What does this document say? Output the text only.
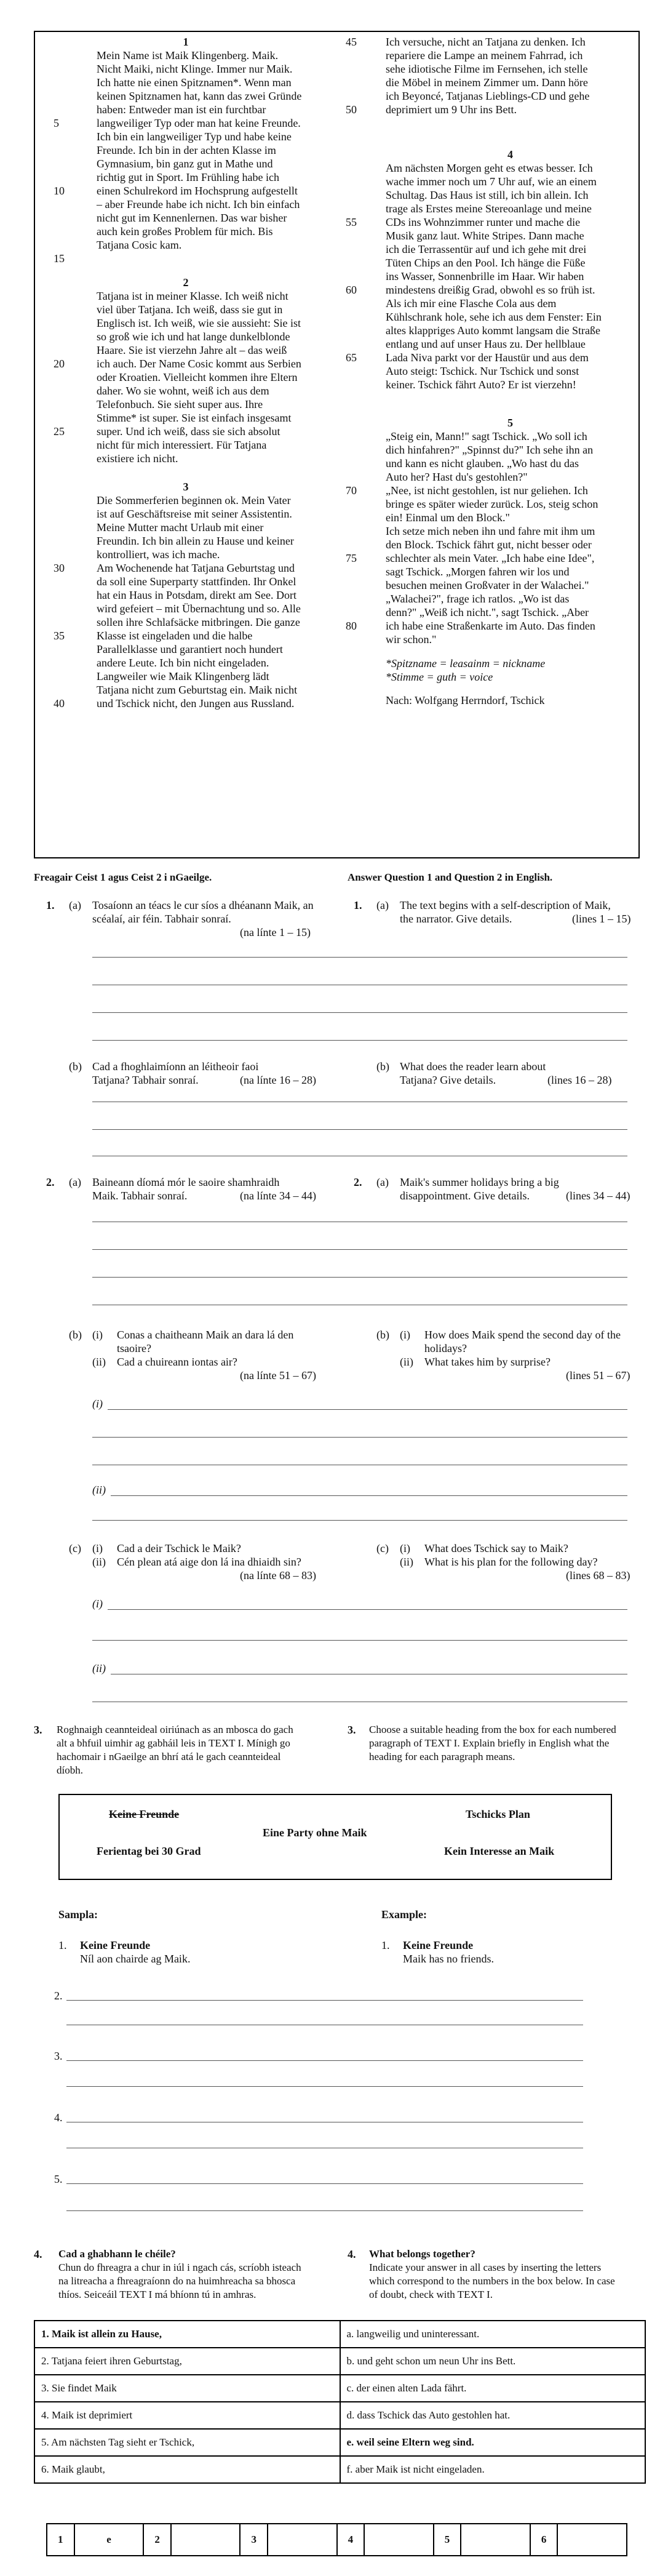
1
Mein Name ist Maik Klingenberg. Maik.
Nicht Maiki, nicht Klinge. Immer nur Maik.
Ich hatte nie einen Spitznamen*. Wenn man
keinen Spitznamen hat, kann das zwei Gründe
haben: Entweder man ist ein furchtbar
langweiliger Typ oder man hat keine Freunde.
Ich bin ein langweiliger Typ und habe keine
Freunde. Ich bin in der achten Klasse im
Gymnasium, bin ganz gut in Mathe und
richtig gut in Sport. Im Frühling habe ich
einen Schulrekord im Hochsprung aufgestellt
– aber Freunde habe ich nicht. Ich bin einfach
nicht gut im Kennenlernen. Das war bisher
auch kein großes Problem für mich. Bis
Tatjana Cosic kam.
2
Tatjana ist in meiner Klasse. Ich weiß nicht
viel über Tatjana. Ich weiß, dass sie gut in
Englisch ist. Ich weiß, wie sie aussieht: Sie ist
so groß wie ich und hat lange dunkelblonde
Haare. Sie ist vierzehn Jahre alt – das weiß
ich auch. Der Name Cosic kommt aus Serbien
oder Kroatien. Vielleicht kommen ihre Eltern
daher. Wo sie wohnt, weiß ich aus dem
Telefonbuch. Sie sieht super aus. Ihre
Stimme* ist super. Sie ist einfach insgesamt
super. Und ich weiß, dass sie sich absolut
nicht für mich interessiert. Für Tatjana
existiere ich nicht.
3
Die Sommerferien beginnen ok. Mein Vater
ist auf Geschäftsreise mit seiner Assistentin.
Meine Mutter macht Urlaub mit einer
Freundin. Ich bin allein zu Hause und keiner
kontrolliert, was ich mache.
Am Wochenende hat Tatjana Geburtstag und
da soll eine Superparty stattfinden. Ihr Onkel
hat ein Haus in Potsdam, direkt am See. Dort
wird gefeiert – mit Übernachtung und so. Alle
sollen ihre Schlafsäcke mitbringen. Die ganze
Klasse ist eingeladen und die halbe
Parallelklasse und garantiert noch hundert
andere Leute. Ich bin nicht eingeladen.
Langweiler wie Maik Klingenberg lädt
Tatjana nicht zum Geburtstag ein. Maik nicht
und Tschick nicht, den Jungen aus Russland.
5
10
15
20
25
30
35
40
Ich versuche, nicht an Tatjana zu denken. Ich
repariere die Lampe an meinem Fahrrad, ich
sehe idiotische Filme im Fernsehen, ich stelle
die Möbel in meinem Zimmer um. Dann höre
ich Beyoncé, Tatjanas Lieblings-CD und gehe
deprimiert um 9 Uhr ins Bett.
4
Am nächsten Morgen geht es etwas besser. Ich
wache immer noch um 7 Uhr auf, wie an einem
Schultag. Das Haus ist still, ich bin allein. Ich
trage als Erstes meine Stereoanlage und meine
CDs ins Wohnzimmer runter und mache die
Musik ganz laut. White Stripes. Dann mache
ich die Terrassentür auf und ich gehe mit drei
Tüten Chips an den Pool. Ich hänge die Füße
ins Wasser, Sonnenbrille im Haar. Wir haben
mindestens dreißig Grad, obwohl es so früh ist.
Als ich mir eine Flasche Cola aus dem
Kühlschrank hole, sehe ich aus dem Fenster: Ein
altes klappriges Auto kommt langsam die Straße
entlang und auf unser Haus zu. Der hellblaue
Lada Niva parkt vor der Haustür und aus dem
Auto steigt: Tschick. Nur Tschick und sonst
keiner. Tschick fährt Auto? Er ist vierzehn!
5
„Steig ein, Mann!" sagt Tschick. „Wo soll ich
dich hinfahren?" „Spinnst du?" Ich sehe ihn an
und kann es nicht glauben. „Wo hast du das
Auto her? Hast du's gestohlen?"
„Nee, ist nicht gestohlen, ist nur geliehen. Ich
bringe es später wieder zurück. Los, steig schon
ein! Einmal um den Block."
Ich setze mich neben ihn und fahre mit ihm um
den Block. Tschick fährt gut, nicht besser oder
schlechter als mein Vater. „Ich habe eine Idee",
sagt Tschick. „Morgen fahren wir los und
besuchen meinen Großvater in der Walachei."
„Walachei?", frage ich ratlos. „Wo ist das
denn?" „Weiß ich nicht.", sagt Tschick. „Aber
ich habe eine Straßenkarte im Auto. Das finden
wir schon."
*Spitzname = leasainm = nickname
*Stimme = guth = voice
Nach: Wolfgang Herrndorf, Tschick
45
50
55
60
65
70
75
80
Freagair Ceist 1 agus Ceist 2 i nGaeilge.	Answer Question 1 and Question 2 in English.
1. (a) Tosaíonn an téacs le cur síos a dhéanann Maik, an scéalaí, air féin. Tabhair sonraí.
(na línte 1 – 15)
1. (a) The text begins with a self-description of Maik, the narrator. Give details.	(lines 1 – 15)
(b) Cad a fhoghlaimíonn an léitheoir faoi Tatjana? Tabhair sonraí.	(na línte 16 – 28)
(b) What does the reader learn about Tatjana? Give details.	(lines 16 – 28)
2. (a) Baineann díomá mór le saoire shamhraidh Maik. Tabhair sonraí.	(na línte 34 – 44)
2. (a) Maik's summer holidays bring a big disappointment. Give details.	(lines 34 – 44)
(b) (i) Conas a chaitheann Maik an dara lá den tsaoire?
(ii) Cad a chuireann iontas air?
(na línte 51 – 67)
(b) (i) How does Maik spend the second day of the holidays?
(ii) What takes him by surprise?
(lines 51 – 67)
(i)
(ii)
(c) (i) Cad a deir Tschick le Maik?
(ii) Cén plean atá aige don lá ina dhiaidh sin?
(na línte 68 – 83)
(c) (i) What does Tschick say to Maik?
(ii) What is his plan for the following day?
(lines 68 – 83)
(i)
(ii)
3. Roghnaigh ceannteideal oiriúnach as an mbosca do gach alt a bhfuil uimhir ag gabháil leis in TEXT I. Mínigh go hachomair i nGaeilge an bhrí atá le gach ceannteideal díobh.
3. Choose a suitable heading from the box for each numbered paragraph of TEXT I. Explain briefly in English what the heading for each paragraph means.
Keine Freunde	Tschicks Plan
Eine Party ohne Maik
Ferientag bei 30 Grad	Kein Interesse an Maik
Sampla:	Example:
1. Keine Freunde
Níl aon chairde ag Maik.
1. Keine Freunde
Maik has no friends.
2.
3.
4.
5.
4. Cad a ghabhann le chéile?
Chun do fhreagra a chur in iúl i ngach cás, scríobh isteach na litreacha a fhreagraíonn do na huimhreacha sa bhosca thíos. Seiceáil TEXT I má bhíonn tú in amhras.
4. What belongs together?
Indicate your answer in all cases by inserting the letters which correspond to the numbers in the box below. In case of doubt, check with TEXT I.
1. Maik ist allein zu Hause,	a. langweilig und uninteressant.
2. Tatjana feiert ihren Geburtstag,	b. und geht schon um neun Uhr ins Bett.
3. Sie findet Maik	c. der einen alten Lada fährt.
4. Maik ist deprimiert	d. dass Tschick das Auto gestohlen hat.
5. Am nächsten Tag sieht er Tschick,	e. weil seine Eltern weg sind.
6. Maik glaubt,	f. aber Maik ist nicht eingeladen.
1	e	2		3		4		5		6	
